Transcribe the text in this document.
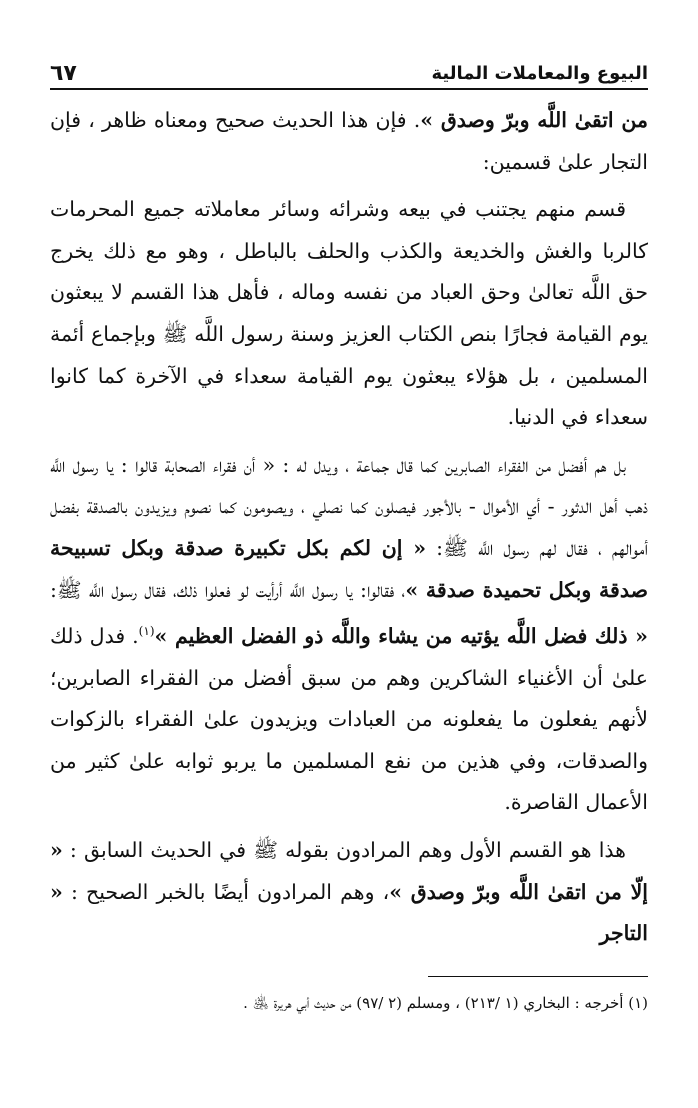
البيوع والمعاملات المالية
٦٧

من اتقىٰ اللَّه وبرّ وصدق ». فإن هذا الحديث صحيح ومعناه ظاهر ، فإن التجار علىٰ قسمين:

قسم منهم يجتنب في بيعه وشرائه وسائر معاملاته جميع المحرمات كالربا والغش والخديعة والكذب والحلف بالباطل ، وهو مع ذلك يخرج حق اللَّه تعالىٰ وحق العباد من نفسه وماله ، فأهل هذا القسم لا يبعثون يوم القيامة فجارًا بنص الكتاب العزيز وسنة رسول اللَّه ﷺ وبإجماع أئمة المسلمين ، بل هؤلاء يبعثون يوم القيامة سعداء في الآخرة كما كانوا سعداء في الدنيا.

بل هم أفضل من الفقراء الصابرين كما قال جماعة ، ويدل له : « أن فقراء الصحابة قالوا : يا رسول اللَّه ذهب أهل الدثور - أي الأموال - بالأجور فيصلون كما نصلي ، ويصومون كما نصوم ويزيدون بالصدقة بفضل أموالهم ، فقال لهم رسول اللَّه ﷺ: « إن لكم بكل تكبيرة صدقة وبكل تسبيحة صدقة وبكل تحميدة صدقة »، فقالوا: يا رسول اللَّه أرأيت لو فعلوا ذلك، فقال رسول اللَّه ﷺ: « ذلك فضل اللَّه يؤتيه من يشاء واللَّه ذو الفضل العظيم »$^{(١)}$. فدل ذلك علىٰ أن الأغنياء الشاكرين وهم من سبق أفضل من الفقراء الصابرين؛ لأنهم يفعلون ما يفعلونه من العبادات ويزيدون علىٰ الفقراء بالزكوات والصدقات، وفي هذين من نفع المسلمين ما يربو ثوابه علىٰ كثير من الأعمال القاصرة.

هذا هو القسم الأول وهم المرادون بقوله ﷺ في الحديث السابق : « إلّا من اتقىٰ اللَّه وبرّ وصدق »، وهم المرادون أيضًا بالخبر الصحيح : « التاجر

(١) أخرجه : البخاري (١ /٢١٣) ، ومسلم (٢ /٩٧) من حديث أبي هريرة ﵁ .
